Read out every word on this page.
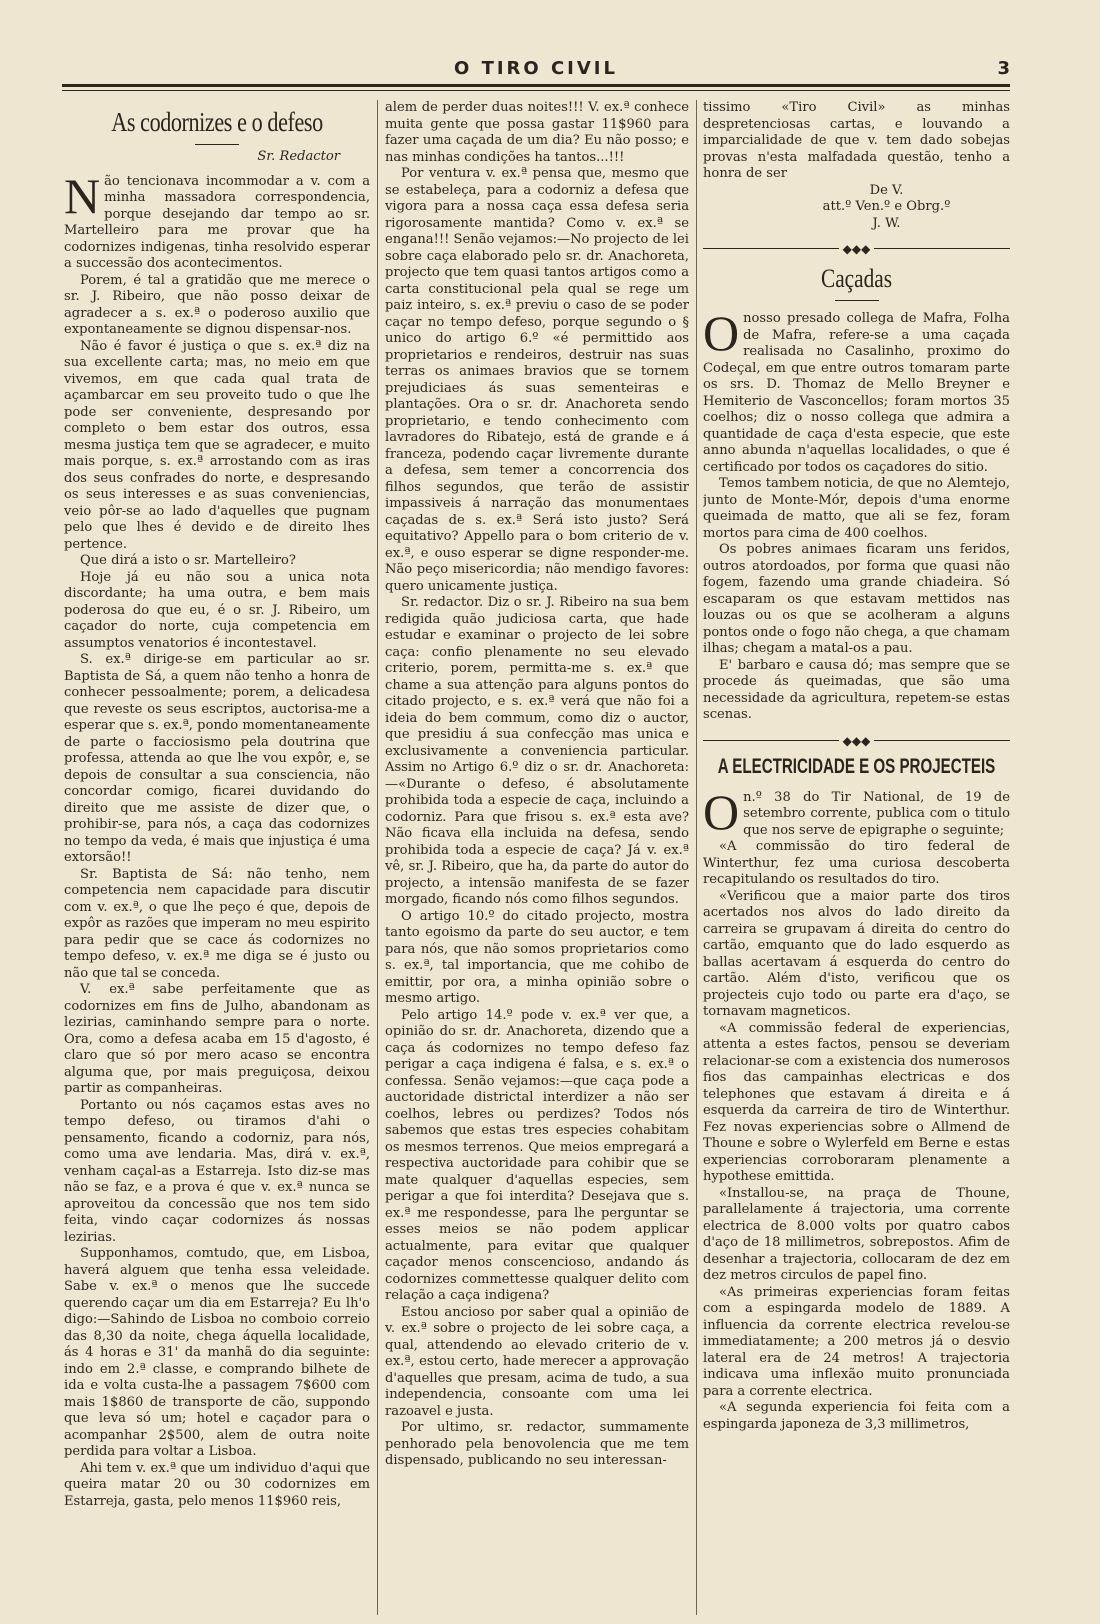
O TIRO CIVIL	3
As codornizes e o defeso
Sr. Redactor

Não tencionava incommodar a v. com a minha massadora correspondencia, porque desejando dar tempo ao sr. Martelleiro para me provar que ha codornizes indigenas, tinha resolvido esperar a successão dos acontecimentos.

Porem, é tal a gratidão que me merece o sr. J. Ribeiro, que não posso deixar de agradecer a s. ex.ª o poderoso auxilio que expontaneamente se dignou dispensar-nos.

Não é favor é justiça o que s. ex.ª diz na sua excellente carta; mas, no meio em que vivemos, em que cada qual trata de açambarcar em seu proveito tudo o que lhe pode ser conveniente, despresando por completo o bem estar dos outros, essa mesma justiça tem que se agradecer, e muito mais porque, s. ex.ª arrostando com as iras dos seus confrades do norte, e despresando os seus interesses e as suas conveniencias, veio pôr-se ao lado d'aquelles que pugnam pelo que lhes é devido e de direito lhes pertence.

Que dirá a isto o sr. Martelleiro?

Hoje já eu não sou a unica nota discordante; ha uma outra, e bem mais poderosa do que eu, é o sr. J. Ribeiro, um caçador do norte, cuja competencia em assumptos venatorios é incontestavel.

S. ex.ª dirige-se em particular ao sr. Baptista de Sá, a quem não tenho a honra de conhecer pessoalmente; porem, a delicadesa que reveste os seus escriptos, auctorisa-me a esperar que s. ex.ª, pondo momentaneamente de parte o facciosismo pela doutrina que professa, attenda ao que lhe vou expôr, e, se depois de consultar a sua consciencia, não concordar comigo, ficarei duvidando do direito que me assiste de dizer que, o prohibir-se, para nós, a caça das codornizes no tempo da veda, é mais que injustiça é uma extorsão!!

Sr. Baptista de Sá: não tenho, nem competencia nem capacidade para discutir com v. ex.ª, o que lhe peço é que, depois de expôr as razões que imperam no meu espirito para pedir que se cace ás codornizes no tempo defeso, v. ex.ª me diga se é justo ou não que tal se conceda.

V. ex.ª sabe perfeitamente que as codornizes em fins de Julho, abandonam as lezirias, caminhando sempre para o norte. Ora, como a defesa acaba em 15 d'agosto, é claro que só por mero acaso se encontra alguma que, por mais preguiçosa, deixou partir as companheiras.

Portanto ou nós caçamos estas aves no tempo defeso, ou tiramos d'ahi o pensamento, ficando a codorniz, para nós, como uma ave lendaria. Mas, dirá v. ex.ª, venham caçal-as a Estarreja. Isto diz-se mas não se faz, e a prova é que v. ex.ª nunca se aproveitou da concessão que nos tem sido feita, vindo caçar codornizes ás nossas lezirias.

Supponhamos, comtudo, que, em Lisboa, haverá alguem que tenha essa veleidade. Sabe v. ex.ª o menos que lhe succede querendo caçar um dia em Estarreja? Eu lh'o digo:—Sahindo de Lisboa no comboio correio das 8,30 da noite, chega áquella localidade, ás 4 horas e 31' da manhã do dia seguinte: indo em 2.ª classe, e comprando bilhete de ida e volta custa-lhe a passagem 7$600 com mais 1$860 de transporte de cão, suppondo que leva só um; hotel e caçador para o acompanhar 2$500, alem de outra noite perdida para voltar a Lisboa.

Ahi tem v. ex.ª que um individuo d'aqui que queira matar 20 ou 30 codornizes em Estarreja, gasta, pelo menos 11$960 reis,

alem de perder duas noites!!! V. ex.ª conhece muita gente que possa gastar 11$960 para fazer uma caçada de um dia? Eu não posso; e nas minhas condições ha tantos...!!!

Por ventura v. ex.ª pensa que, mesmo que se estabeleça, para a codorniz a defesa que vigora para a nossa caça essa defesa seria rigorosamente mantida? Como v. ex.ª se engana!!! Senão vejamos:—No projecto de lei sobre caça elaborado pelo sr. dr. Anachoreta, projecto que tem quasi tantos artigos como a carta constitucional pela qual se rege um paiz inteiro, s. ex.ª previu o caso de se poder caçar no tempo defeso, porque segundo o § unico do artigo 6.º «é permittido aos proprietarios e rendeiros, destruir nas suas terras os animaes bravios que se tornem prejudiciaes ás suas sementeiras e plantações. Ora o sr. dr. Anachoreta sendo proprietario, e tendo conhecimento com lavradores do Ribatejo, está de grande e á franceza, podendo caçar livremente durante a defesa, sem temer a concorrencia dos filhos segundos, que terão de assistir impassiveis á narração das monumentaes caçadas de s. ex.ª Será isto justo? Será equitativo? Appello para o bom criterio de v. ex.ª, e ouso esperar se digne responder-me. Não peço misericordia; não mendigo favores: quero unicamente justiça.

Sr. redactor. Diz o sr. J. Ribeiro na sua bem redigida quão judiciosa carta, que hade estudar e examinar o projecto de lei sobre caça: confio plenamente no seu elevado criterio, porem, permitta-me s. ex.ª que chame a sua attenção para alguns pontos do citado projecto, e s. ex.ª verá que não foi a ideia do bem commum, como diz o auctor, que presidiu á sua confecção mas unica e exclusivamente a conveniencia particular. Assim no Artigo 6.º diz o sr. dr. Anachoreta:—«Durante o defeso, é absolutamente prohibida toda a especie de caça, incluindo a codorniz. Para que frisou s. ex.ª esta ave? Não ficava ella incluida na defesa, sendo prohibida toda a especie de caça? Já v. ex.ª vê, sr. J. Ribeiro, que ha, da parte do autor do projecto, a intensão manifesta de se fazer morgado, ficando nós como filhos segundos.

O artigo 10.º do citado projecto, mostra tanto egoismo da parte do seu auctor, e tem para nós, que não somos proprietarios como s. ex.ª, tal importancia, que me cohibo de emittir, por ora, a minha opinião sobre o mesmo artigo.

Pelo artigo 14.º pode v. ex.ª ver que, a opinião do sr. dr. Anachoreta, dizendo que a caça ás codornizes no tempo defeso faz perigar a caça indigena é falsa, e s. ex.ª o confessa. Senão vejamos:—que caça pode a auctoridade districtal interdizer a não ser coelhos, lebres ou perdizes? Todos nós sabemos que estas tres especies cohabitam os mesmos terrenos. Que meios empregará a respectiva auctoridade para cohibir que se mate qualquer d'aquellas especies, sem perigar a que foi interdita? Desejava que s. ex.ª me respondesse, para lhe perguntar se esses meios se não podem applicar actualmente, para evitar que qualquer caçador menos conscencioso, andando ás codornizes commettesse qualquer delito com relação a caça indigena?

Estou ancioso por saber qual a opinião de v. ex.ª sobre o projecto de lei sobre caça, a qual, attendendo ao elevado criterio de v. ex.ª, estou certo, hade merecer a approvação d'aquelles que presam, acima de tudo, a sua independencia, consoante com uma lei razoavel e justa.

Por ultimo, sr. redactor, summamente penhorado pela benovolencia que me tem dispensado, publicando no seu interessan-

tissimo «Tiro Civil» as minhas despretenciosas cartas, e louvando a imparcialidade de que v. tem dado sobejas provas n'esta malfadada questão, tenho a honra de ser

De V.

att.º Ven.º e Obrg.º

J. W.

◆◆◆
Caçadas

Onosso presado collega de Mafra, Folha de Mafra, refere-se a uma caçada realisada no Casalinho, proximo do Codeçal, em que entre outros tomaram parte os srs. D. Thomaz de Mello Breyner e Hemiterio de Vasconcellos; foram mortos 35 coelhos; diz o nosso collega que admira a quantidade de caça d'esta especie, que este anno abunda n'aquellas localidades, o que é certificado por todos os caçadores do sitio.

Temos tambem noticia, de que no Alemtejo, junto de Monte-Mór, depois d'uma enorme queimada de matto, que ali se fez, foram mortos para cima de 400 coelhos.

Os pobres animaes ficaram uns feridos, outros atordoados, por forma que quasi não fogem, fazendo uma grande chiadeira. Só escaparam os que estavam mettidos nas louzas ou os que se acolheram a alguns pontos onde o fogo não chega, a que chamam ilhas; chegam a matal-os a pau.

E' barbaro e causa dó; mas sempre que se procede ás queimadas, que são uma necessidade da agricultura, repetem-se estas scenas.

◆◆◆
A ELECTRICIDADE E OS PROJECTEIS

On.º 38 do Tir National, de 19 de setembro corrente, publica com o titulo que nos serve de epigraphe o seguinte;

«A commissão do tiro federal de Winterthur, fez uma curiosa descoberta recapitulando os resultados do tiro.

«Verificou que a maior parte dos tiros acertados nos alvos do lado direito da carreira se grupavam á direita do centro do cartão, emquanto que do lado esquerdo as ballas acertavam á esquerda do centro do cartão. Além d'isto, verificou que os projecteis cujo todo ou parte era d'aço, se tornavam magneticos.

«A commissão federal de experiencias, attenta a estes factos, pensou se deveriam relacionar-se com a existencia dos numerosos fios das campainhas electricas e dos telephones que estavam á direita e á esquerda da carreira de tiro de Winterthur. Fez novas experiencias sobre o Allmend de Thoune e sobre o Wylerfeld em Berne e estas experiencias corroboraram plenamente a hypothese emittida.

«Installou-se, na praça de Thoune, parallelamente á trajectoria, uma corrente electrica de 8.000 volts por quatro cabos d'aço de 18 millimetros, sobrepostos. Afim de desenhar a trajectoria, collocaram de dez em dez metros circulos de papel fino.

«As primeiras experiencias foram feitas com a espingarda modelo de 1889. A influencia da corrente electrica revelou-se immediatamente; a 200 metros já o desvio lateral era de 24 metros! A trajectoria indicava uma inflexão muito pronunciada para a corrente electrica.

«A segunda experiencia foi feita com a espingarda japoneza de 3,3 millimetros,
